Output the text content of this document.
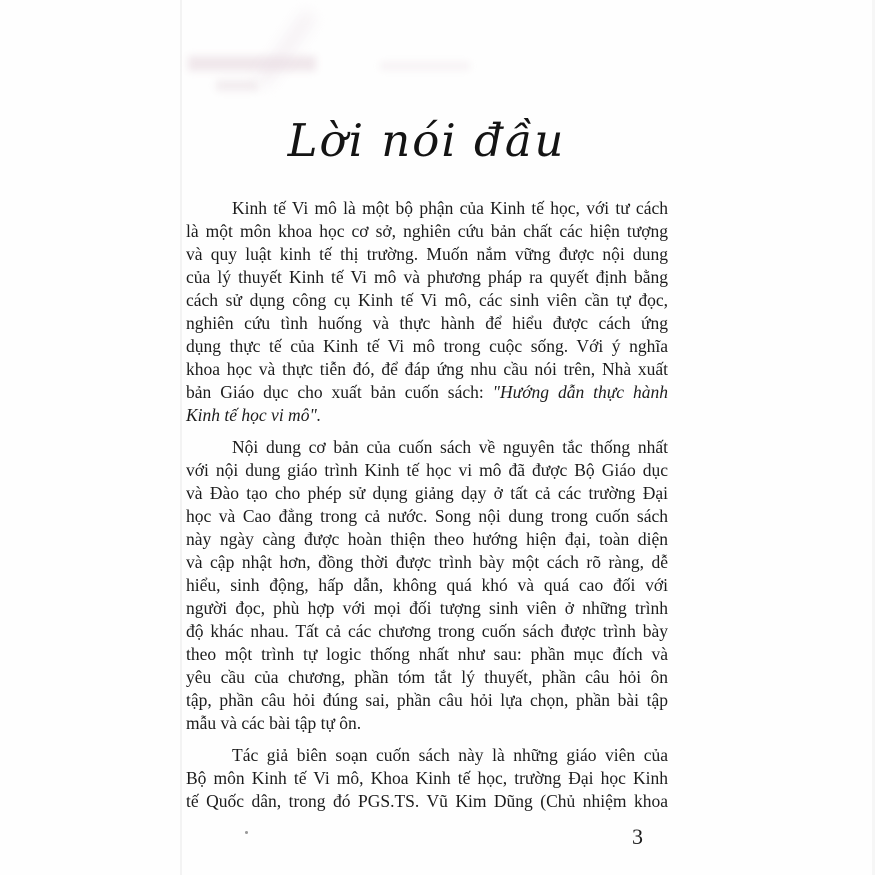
Lời nói đầu
Kinh tế Vi mô là một bộ phận của Kinh tế học, với tư cách
là một môn khoa học cơ sở, nghiên cứu bản chất các hiện tượng
và quy luật kinh tế thị trường. Muốn nắm vững được nội dung
của lý thuyết Kinh tế Vi mô và phương pháp ra quyết định bằng
cách sử dụng công cụ Kinh tế Vi mô, các sinh viên cần tự đọc,
nghiên cứu tình huống và thực hành để hiểu được cách ứng
dụng thực tế của Kinh tế Vi mô trong cuộc sống. Với ý nghĩa
khoa học và thực tiễn đó, để đáp ứng nhu cầu nói trên, Nhà xuất
bản Giáo dục cho xuất bản cuốn sách: "Hướng dẫn thực hành
Kinh tế học vi mô".
Nội dung cơ bản của cuốn sách về nguyên tắc thống nhất
với nội dung giáo trình Kinh tế học vi mô đã được Bộ Giáo dục
và Đào tạo cho phép sử dụng giảng dạy ở tất cả các trường Đại
học và Cao đẳng trong cả nước. Song nội dung trong cuốn sách
này ngày càng được hoàn thiện theo hướng hiện đại, toàn diện
và cập nhật hơn, đồng thời được trình bày một cách rõ ràng, dễ
hiểu, sinh động, hấp dẫn, không quá khó và quá cao đối với
người đọc, phù hợp với mọi đối tượng sinh viên ở những trình
độ khác nhau. Tất cả các chương trong cuốn sách được trình bày
theo một trình tự logic thống nhất như sau: phần mục đích và
yêu cầu của chương, phần tóm tắt lý thuyết, phần câu hỏi ôn
tập, phần câu hỏi đúng sai, phần câu hỏi lựa chọn, phần bài tập
mẫu và các bài tập tự ôn.
Tác giả biên soạn cuốn sách này là những giáo viên của
Bộ môn Kinh tế Vi mô, Khoa Kinh tế học, trường Đại học Kinh
tế Quốc dân, trong đó PGS.TS. Vũ Kim Dũng (Chủ nhiệm khoa
3
